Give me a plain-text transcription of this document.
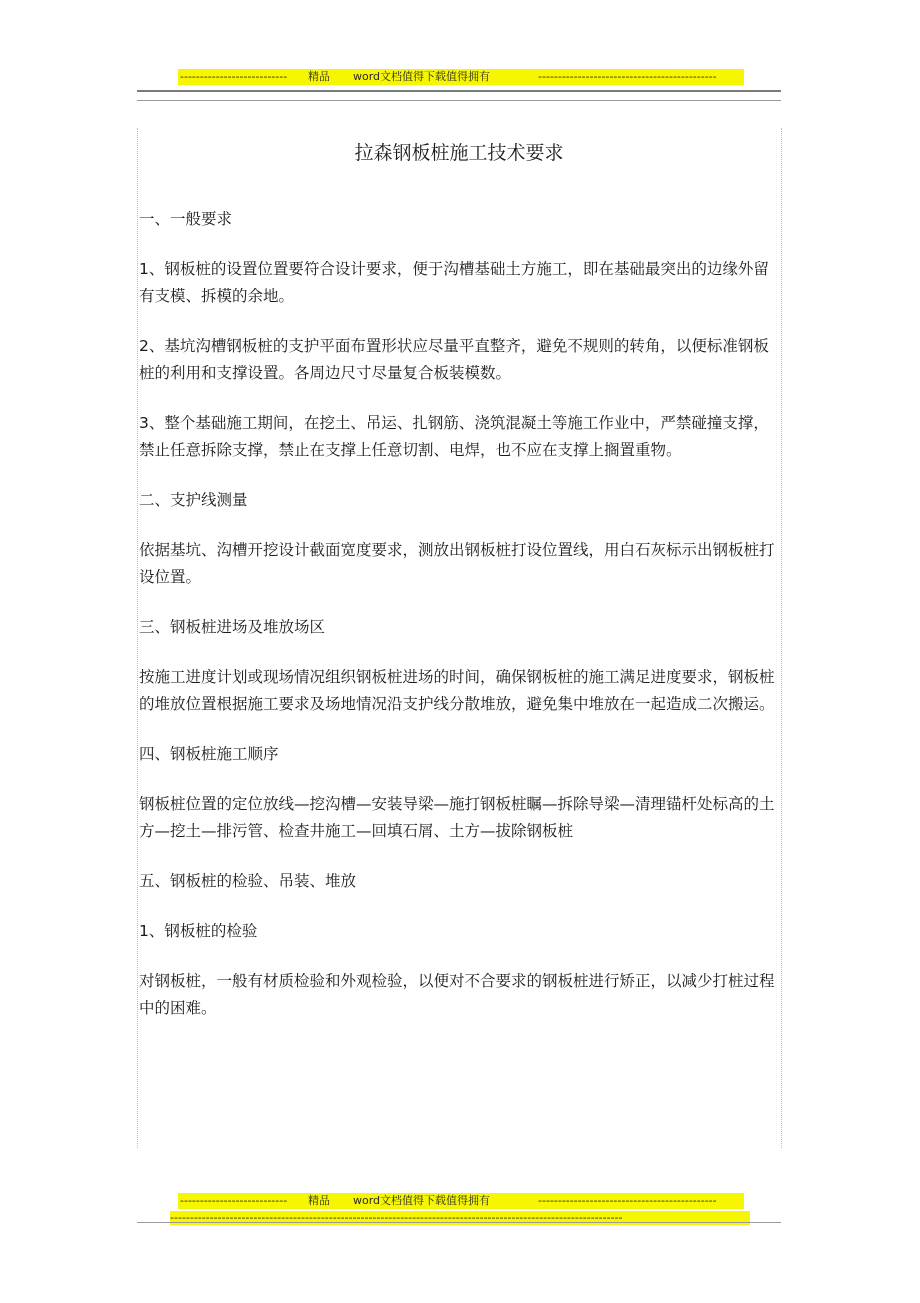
--------------------------- 精品 word文档值得下载值得拥有	---------------------------------------------
拉森钢板桩施工技术要求

一、一般要求

1、钢板桩的设置位置要符合设计要求，便于沟槽基础土方施工，即在基础最突出的边缘外留有支模、拆模的余地。

2、基坑沟槽钢板桩的支护平面布置形状应尽量平直整齐，避免不规则的转角，以便标准钢板桩的利用和支撑设置。各周边尺寸尽量复合板装模数。

3、整个基础施工期间，在挖土、吊运、扎钢筋、浇筑混凝土等施工作业中，严禁碰撞支撑，禁止任意拆除支撑，禁止在支撑上任意切割、电焊，也不应在支撑上搁置重物。

二、支护线测量

依据基坑、沟槽开挖设计截面宽度要求，测放出钢板桩打设位置线，用白石灰标示出钢板桩打设位置。

三、钢板桩进场及堆放场区

按施工进度计划或现场情况组织钢板桩进场的时间，确保钢板桩的施工满足进度要求，钢板桩的堆放位置根据施工要求及场地情况沿支护线分散堆放，避免集中堆放在一起造成二次搬运。

四、钢板桩施工顺序

钢板桩位置的定位放线—挖沟槽—安装导梁—施打钢板桩瞩—拆除导梁—清理锚杆处标高的土方—挖土—排污管、检查井施工—回填石屑、土方—拔除钢板桩

五、钢板桩的检验、吊装、堆放

1、钢板桩的检验

对钢板桩，一般有材质检验和外观检验，以便对不合要求的钢板桩进行矫正，以减少打桩过程中的困难。

--------------------------- 精品 word文档值得下载值得拥有	---------------------------------------------
------------------------------------------------------------------------------------------------------------------
